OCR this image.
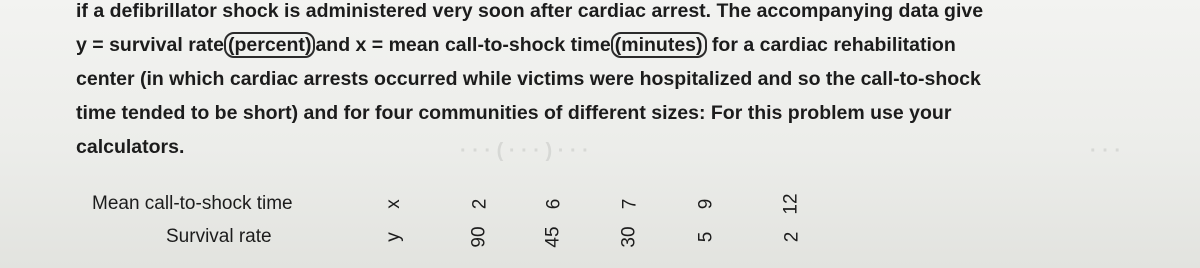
· · · ( · · · ) · · ·	· · ·
if a defibrillator shock is administered very soon after cardiac arrest. The accompanying data give
y = survival rate (percent) and x = mean call-to-shock time (minutes) for a cardiac rehabilitation
center (in which cardiac arrests occurred while victims were hospitalized and so the call-to-shock
time tended to be short) and for four communities of different sizes: For this problem use your
calculators.
Mean call-to-shock time	x	2	6	7	9	12
Survival rate	y	90	45	30	5	2
